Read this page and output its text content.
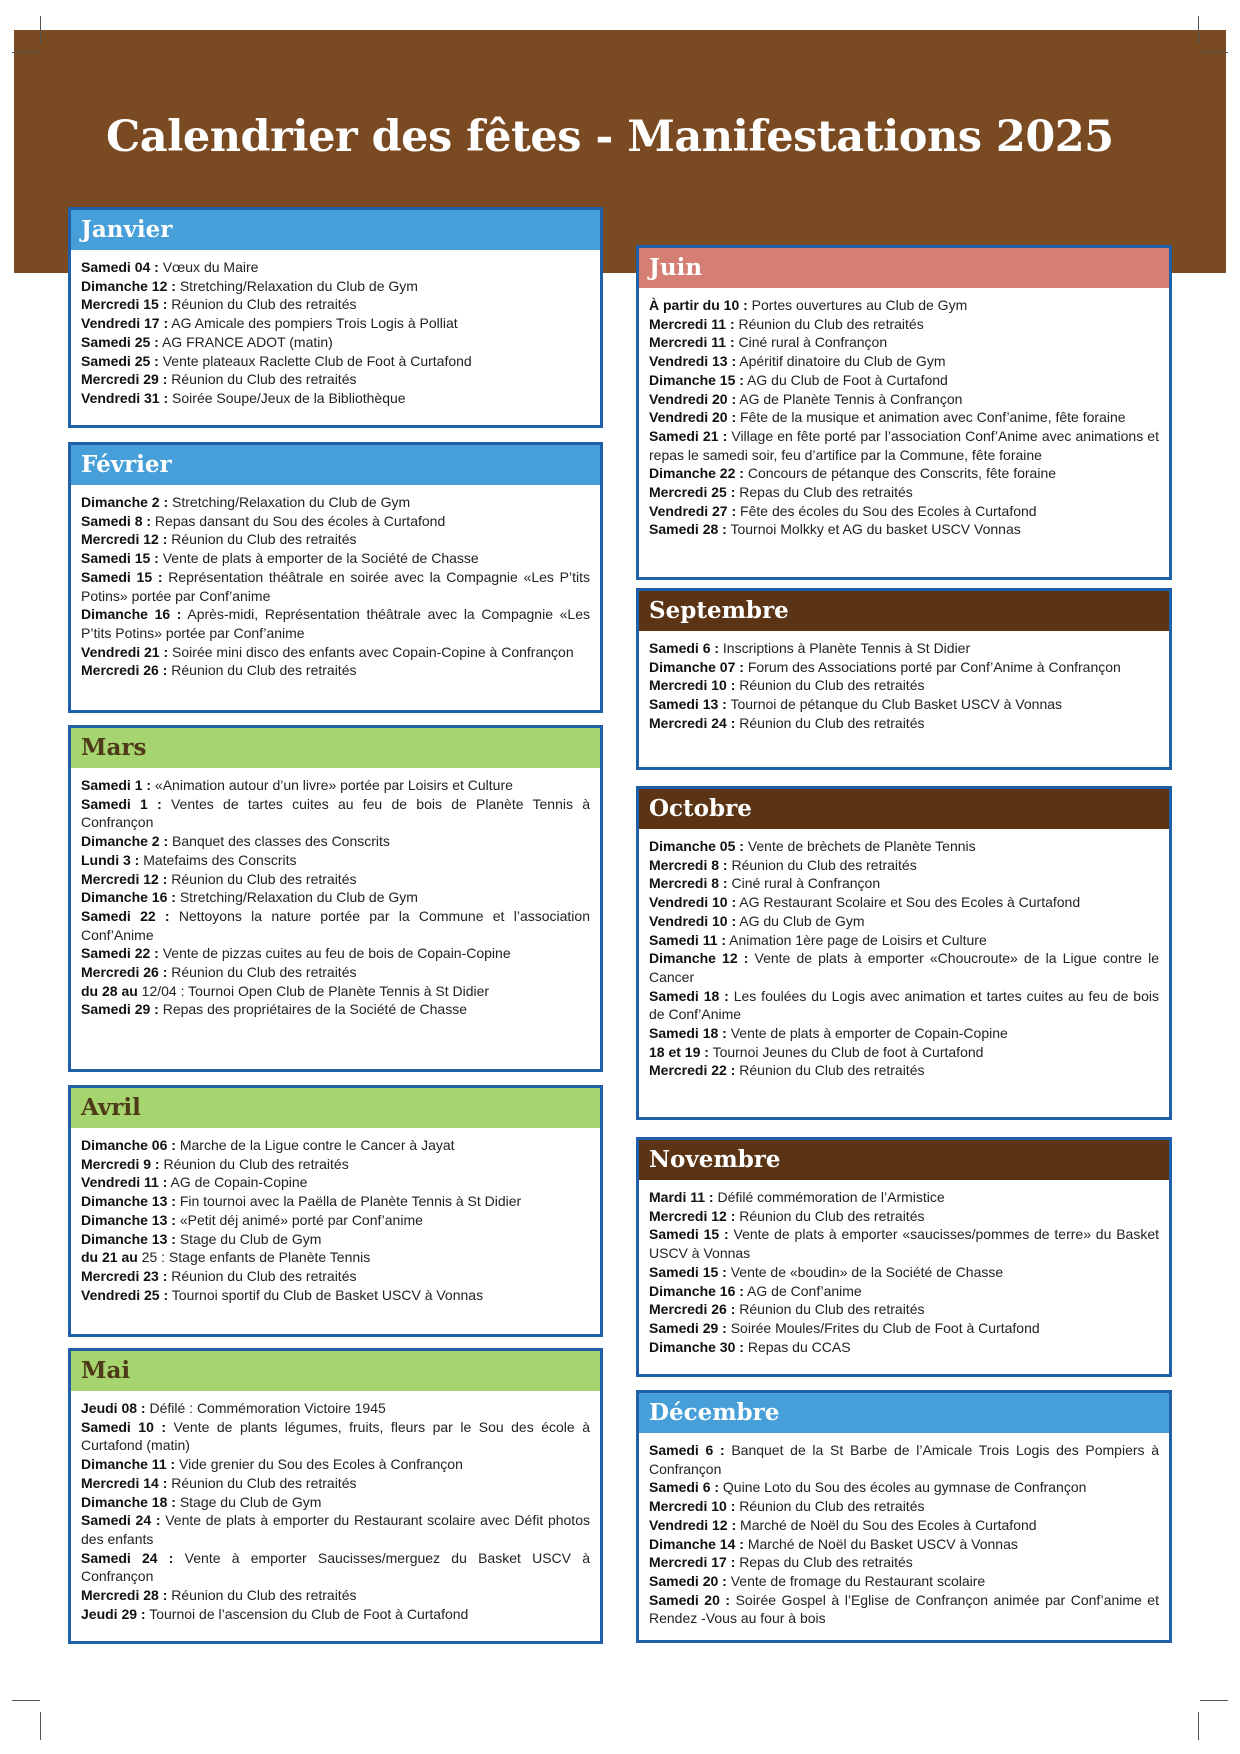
Calendrier des fêtes - Manifestations 2025
Janvier

Samedi 04 : Vœux du Maire

Dimanche 12 : Stretching/Relaxation du Club de Gym

Mercredi 15 : Réunion du Club des retraités

Vendredi 17 : AG Amicale des pompiers Trois Logis à Polliat

Samedi 25 : AG FRANCE ADOT (matin)

Samedi 25 : Vente plateaux Raclette Club de Foot à Curtafond

Mercredi 29 : Réunion du Club des retraités

Vendredi 31 : Soirée Soupe/Jeux de la Bibliothèque

Février

Dimanche 2 : Stretching/Relaxation du Club de Gym

Samedi 8 : Repas dansant du Sou des écoles à Curtafond

Mercredi 12 : Réunion du Club des retraités

Samedi 15 : Vente de plats à emporter de la Société de Chasse

Samedi 15 : Représentation théâtrale en soirée avec la Compagnie «Les P’tits Potins» portée par Conf’anime

Dimanche 16 : Après-midi, Représentation théâtrale avec la Compagnie «Les P’tits Potins» portée par Conf’anime

Vendredi 21 : Soirée mini disco des enfants avec Copain-Copine à Confrançon

Mercredi 26 : Réunion du Club des retraités

Mars

Samedi 1 : «Animation autour d’un livre» portée par Loisirs et Culture

Samedi 1 : Ventes de tartes cuites au feu de bois de Planète Tennis à Confrançon

Dimanche 2 : Banquet des classes des Conscrits

Lundi 3 : Matefaims des Conscrits

Mercredi 12 : Réunion du Club des retraités

Dimanche 16 : Stretching/Relaxation du Club de Gym

Samedi 22 : Nettoyons la nature portée par la Commune et l’association Conf’Anime

Samedi 22 : Vente de pizzas cuites au feu de bois de Copain-Copine

Mercredi 26 : Réunion du Club des retraités

du 28 au 12/04 : Tournoi Open Club de Planète Tennis à St Didier

Samedi 29 : Repas des propriétaires de la Société de Chasse

Avril

Dimanche 06 : Marche de la Ligue contre le Cancer à Jayat

Mercredi 9 : Réunion du Club des retraités

Vendredi 11 : AG de Copain-Copine

Dimanche 13 : Fin tournoi avec la Paëlla de Planète Tennis à St Didier

Dimanche 13 : «Petit déj animé» porté par Conf’anime

Dimanche 13 : Stage du Club de Gym

du 21 au 25 : Stage enfants de Planète Tennis

Mercredi 23 : Réunion du Club des retraités

Vendredi 25 : Tournoi sportif du Club de Basket USCV à Vonnas

Mai

Jeudi 08 : Défilé : Commémoration Victoire 1945

Samedi 10 : Vente de plants légumes, fruits, fleurs par le Sou des école à Curtafond (matin)

Dimanche 11 : Vide grenier du Sou des Ecoles à Confrançon

Mercredi 14 : Réunion du Club des retraités

Dimanche 18 : Stage du Club de Gym

Samedi 24 : Vente de plats à emporter du Restaurant scolaire avec Défit photos des enfants

Samedi 24 : Vente à emporter Saucisses/merguez du Basket USCV à Confrançon

Mercredi 28 : Réunion du Club des retraités

Jeudi 29 : Tournoi de l’ascension du Club de Foot à Curtafond

Juin

À partir du 10 : Portes ouvertures au Club de Gym

Mercredi 11 : Réunion du Club des retraités

Mercredi 11 : Ciné rural à Confrançon

Vendredi 13 : Apéritif dinatoire du Club de Gym

Dimanche 15 : AG du Club de Foot à Curtafond

Vendredi 20 : AG de Planète Tennis à Confrançon

Vendredi 20 : Fête de la musique et animation avec Conf’anime, fête foraine

Samedi 21 : Village en fête porté par l’association Conf’Anime avec animations et repas le samedi soir, feu d’artifice par la Commune, fête foraine

Dimanche 22 : Concours de pétanque des Conscrits, fête foraine

Mercredi 25 : Repas du Club des retraités

Vendredi 27 : Fête des écoles du Sou des Ecoles à Curtafond

Samedi 28 : Tournoi Molkky et AG du basket USCV Vonnas

Septembre

Samedi 6 : Inscriptions à Planète Tennis à St Didier

Dimanche 07 : Forum des Associations porté par Conf’Anime à Confrançon

Mercredi 10 : Réunion du Club des retraités

Samedi 13 : Tournoi de pétanque du Club Basket USCV à Vonnas

Mercredi 24 : Réunion du Club des retraités

Octobre

Dimanche 05 : Vente de brèchets de Planète Tennis

Mercredi 8 : Réunion du Club des retraités

Mercredi 8 : Ciné rural à Confrançon

Vendredi 10 : AG Restaurant Scolaire et Sou des Ecoles à Curtafond

Vendredi 10 : AG du Club de Gym

Samedi 11 : Animation 1ère page de Loisirs et Culture

Dimanche 12 : Vente de plats à emporter «Choucroute» de la Ligue contre le Cancer

Samedi 18 : Les foulées du Logis avec animation et tartes cuites au feu de bois de Conf’Anime

Samedi 18 : Vente de plats à emporter de Copain-Copine

18 et 19 : Tournoi Jeunes du Club de foot à Curtafond

Mercredi 22 : Réunion du Club des retraités

Novembre

Mardi 11 : Défilé commémoration de l’Armistice

Mercredi 12 : Réunion du Club des retraités

Samedi 15 : Vente de plats à emporter «saucisses/pommes de terre» du Basket USCV à Vonnas

Samedi 15 : Vente de «boudin» de la Société de Chasse

Dimanche 16 : AG de Conf’anime

Mercredi 26 : Réunion du Club des retraités

Samedi 29 : Soirée Moules/Frites du Club de Foot à Curtafond

Dimanche 30 : Repas du CCAS

Décembre

Samedi 6 : Banquet de la St Barbe de l’Amicale Trois Logis des Pompiers à Confrançon

Samedi 6 : Quine Loto du Sou des écoles au gymnase de Confrançon

Mercredi 10 : Réunion du Club des retraités

Vendredi 12 : Marché de Noël du Sou des Ecoles à Curtafond

Dimanche 14 : Marché de Noël du Basket USCV à Vonnas

Mercredi 17 : Repas du Club des retraités

Samedi 20 : Vente de fromage du Restaurant scolaire

Samedi 20 : Soirée Gospel à l’Eglise de Confrançon animée par Conf’anime et Rendez -Vous au four à bois
